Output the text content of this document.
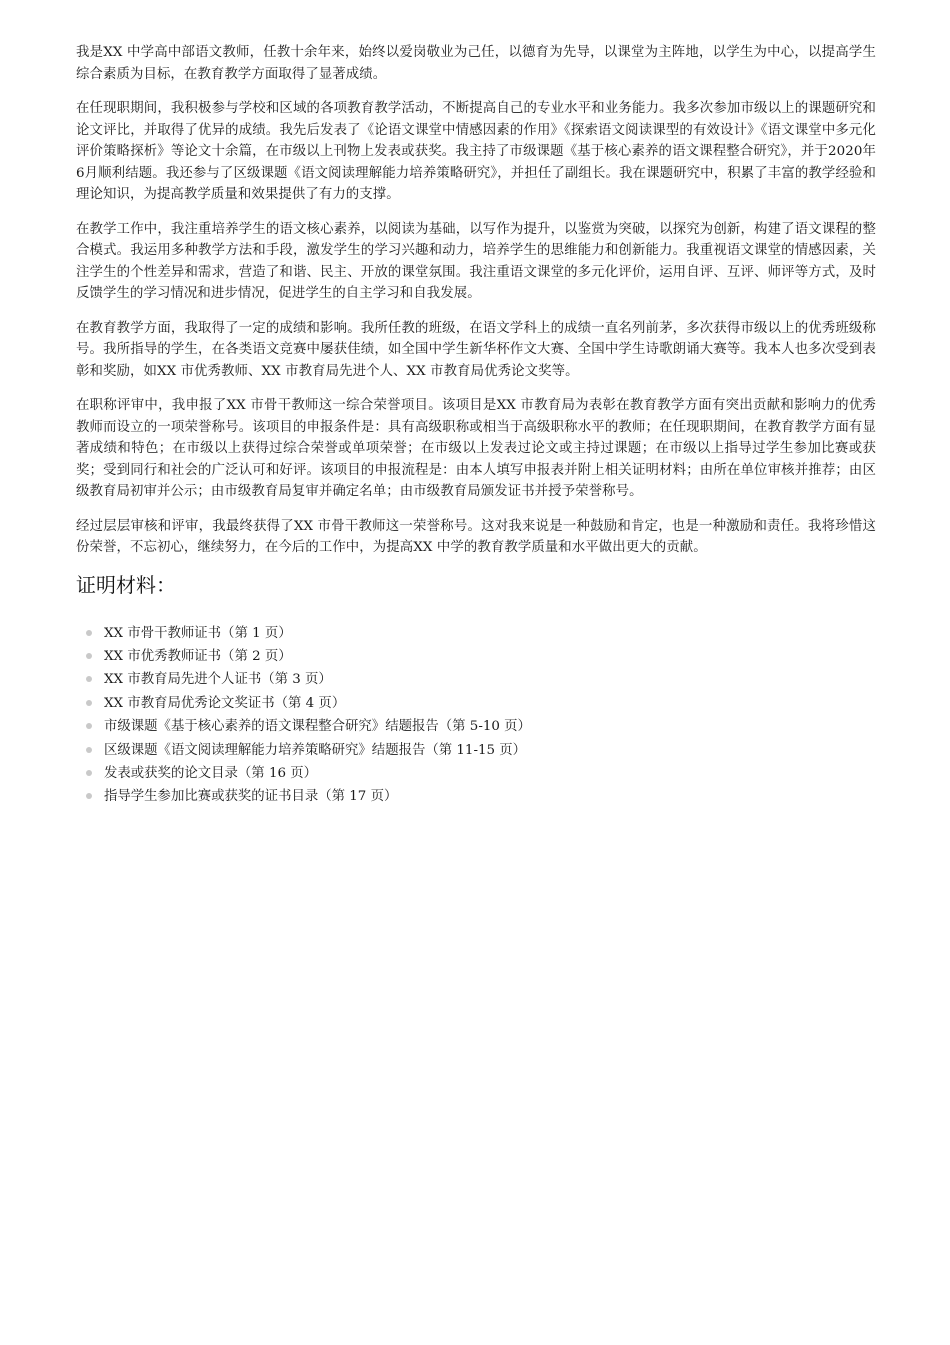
我是XX 中学高中部语文教师，任教十余年来，始终以爱岗敬业为己任，以德育为先导，以课堂为主阵地，以学生为中心，以提高学生综合素质为目标，在教育教学方面取得了显著成绩。

在任现职期间，我积极参与学校和区域的各项教育教学活动，不断提高自己的专业水平和业务能力。我多次参加市级以上的课题研究和论文评比，并取得了优异的成绩。我先后发表了《论语文课堂中情感因素的作用》《探索语文阅读课型的有效设计》《语文课堂中多元化评价策略探析》等论文十余篇，在市级以上刊物上发表或获奖。我主持了市级课题《基于核心素养的语文课程整合研究》，并于2020年6月顺利结题。我还参与了区级课题《语文阅读理解能力培养策略研究》，并担任了副组长。我在课题研究中，积累了丰富的教学经验和理论知识，为提高教学质量和效果提供了有力的支撑。

在教学工作中，我注重培养学生的语文核心素养，以阅读为基础，以写作为提升，以鉴赏为突破，以探究为创新，构建了语文课程的整合模式。我运用多种教学方法和手段，激发学生的学习兴趣和动力，培养学生的思维能力和创新能力。我重视语文课堂的情感因素，关注学生的个性差异和需求，营造了和谐、民主、开放的课堂氛围。我注重语文课堂的多元化评价，运用自评、互评、师评等方式，及时反馈学生的学习情况和进步情况，促进学生的自主学习和自我发展。

在教育教学方面，我取得了一定的成绩和影响。我所任教的班级，在语文学科上的成绩一直名列前茅，多次获得市级以上的优秀班级称号。我所指导的学生，在各类语文竞赛中屡获佳绩，如全国中学生新华杯作文大赛、全国中学生诗歌朗诵大赛等。我本人也多次受到表彰和奖励，如XX 市优秀教师、XX 市教育局先进个人、XX 市教育局优秀论文奖等。

在职称评审中，我申报了XX 市骨干教师这一综合荣誉项目。该项目是XX 市教育局为表彰在教育教学方面有突出贡献和影响力的优秀教师而设立的一项荣誉称号。该项目的申报条件是：具有高级职称或相当于高级职称水平的教师；在任现职期间，在教育教学方面有显著成绩和特色；在市级以上获得过综合荣誉或单项荣誉；在市级以上发表过论文或主持过课题；在市级以上指导过学生参加比赛或获奖；受到同行和社会的广泛认可和好评。该项目的申报流程是：由本人填写申报表并附上相关证明材料；由所在单位审核并推荐；由区级教育局初审并公示；由市级教育局复审并确定名单；由市级教育局颁发证书并授予荣誉称号。

经过层层审核和评审，我最终获得了XX 市骨干教师这一荣誉称号。这对我来说是一种鼓励和肯定，也是一种激励和责任。我将珍惜这份荣誉，不忘初心，继续努力，在今后的工作中，为提高XX 中学的教育教学质量和水平做出更大的贡献。

证明材料：
XX 市骨干教师证书（第 1 页）
XX 市优秀教师证书（第 2 页）
XX 市教育局先进个人证书（第 3 页）
XX 市教育局优秀论文奖证书（第 4 页）
市级课题《基于核心素养的语文课程整合研究》结题报告（第 5-10 页）
区级课题《语文阅读理解能力培养策略研究》结题报告（第 11-15 页）
发表或获奖的论文目录（第 16 页）
指导学生参加比赛或获奖的证书目录（第 17 页）
